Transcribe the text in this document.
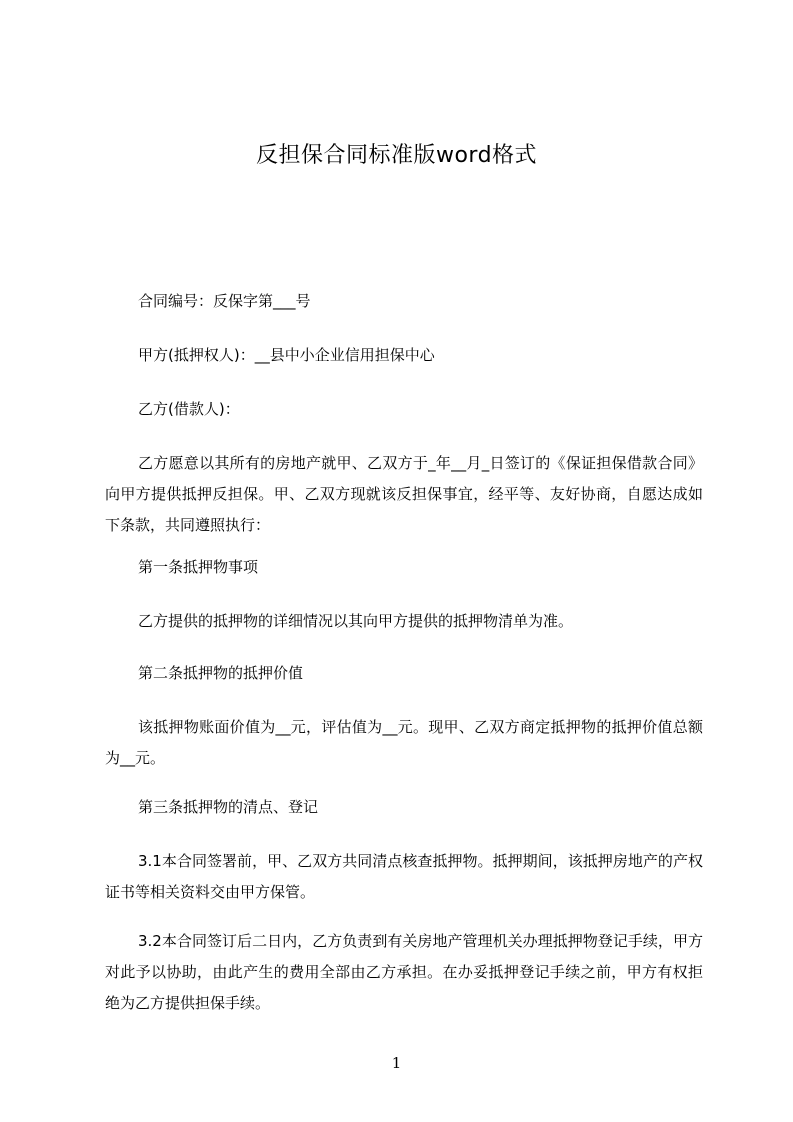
反担保合同标准版word格式
合同编号：反保字第___号
甲方(抵押权人)：__县中小企业信用担保中心
乙方(借款人)：
乙方愿意以其所有的房地产就甲、乙双方于_年__月_日签订的《保证担保借款合同》向甲方提供抵押反担保。甲、乙双方现就该反担保事宜，经平等、友好协商，自愿达成如下条款，共同遵照执行：
第一条抵押物事项
乙方提供的抵押物的详细情况以其向甲方提供的抵押物清单为准。
第二条抵押物的抵押价值
该抵押物账面价值为__元，评估值为__元。现甲、乙双方商定抵押物的抵押价值总额为__元。
第三条抵押物的清点、登记
3.1本合同签署前，甲、乙双方共同清点核查抵押物。抵押期间，该抵押房地产的产权证书等相关资料交由甲方保管。
3.2本合同签订后二日内，乙方负责到有关房地产管理机关办理抵押物登记手续，甲方对此予以协助，由此产生的费用全部由乙方承担。在办妥抵押登记手续之前，甲方有权拒绝为乙方提供担保手续。
1
